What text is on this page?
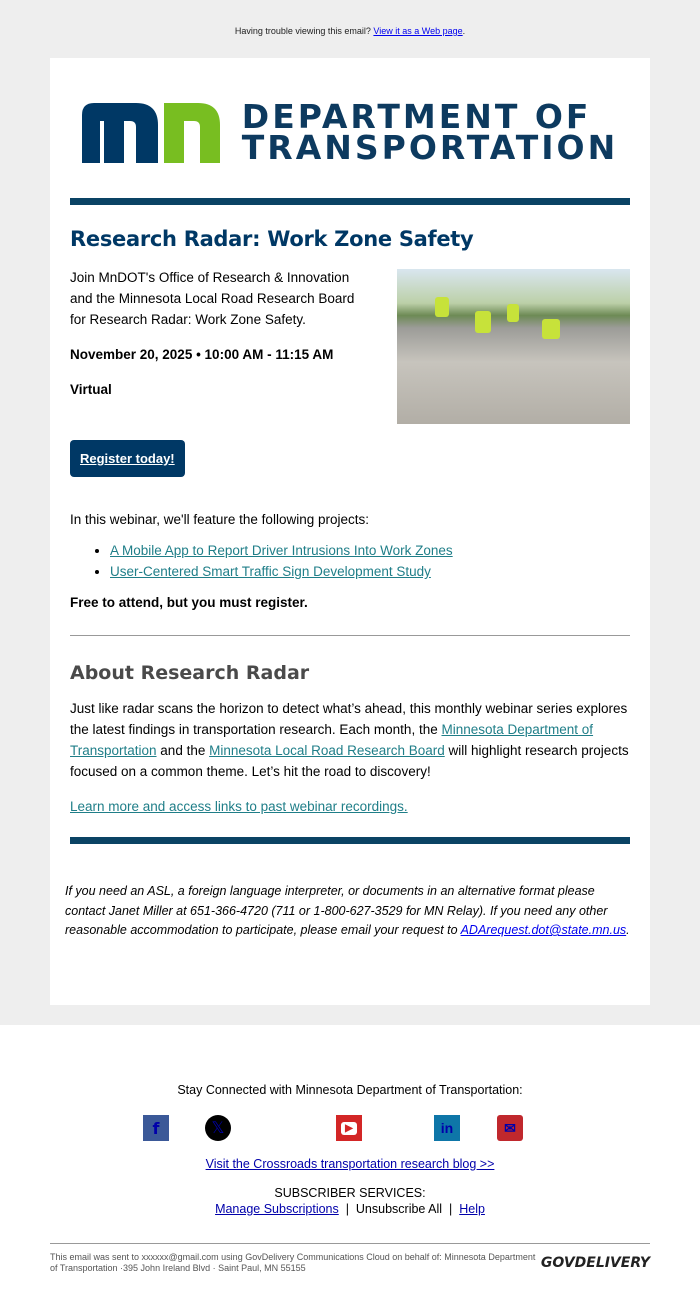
Having trouble viewing this email? View it as a Web page.
DEPARTMENT OF
TRANSPORTATION
Research Radar: Work Zone Safety

Join MnDOT's Office of Research & Innovation and the Minnesota Local Road Research Board for Research Radar: Work Zone Safety.

November 20, 2025 • 10:00 AM - 11:15 AM

Virtual

Register today!

In this webinar, we'll feature the following projects:

• A Mobile App to Report Driver Intrusions Into Work Zones
• User-Centered Smart Traffic Sign Development Study

Free to attend, but you must register.

About Research Radar

Just like radar scans the horizon to detect what’s ahead, this monthly webinar series explores the latest findings in transportation research. Each month, the Minnesota Department of Transportation and the Minnesota Local Road Research Board will highlight research projects focused on a common theme. Let’s hit the road to discovery!

Learn more and access links to past webinar recordings.

If you need an ASL, a foreign language interpreter, or documents in an alternative format please contact Janet Miller at 651-366-4720 (711 or 1-800-627-3529 for MN Relay). If you need any other reasonable accommodation to participate, please email your request to ADArequest.dot@state.mn.us.

Stay Connected with Minnesota Department of Transportation:
f	𝕏	▶	in	✉
Visit the Crossroads transportation research blog >>
SUBSCRIBER SERVICES:
Manage Subscriptions | Unsubscribe All | Help
This email was sent to xxxxxx@gmail.com using GovDelivery Communications Cloud on behalf of: Minnesota Department of Transportation ·395 John Ireland Blvd · Saint Paul, MN 55155	GOVDELIVERY
